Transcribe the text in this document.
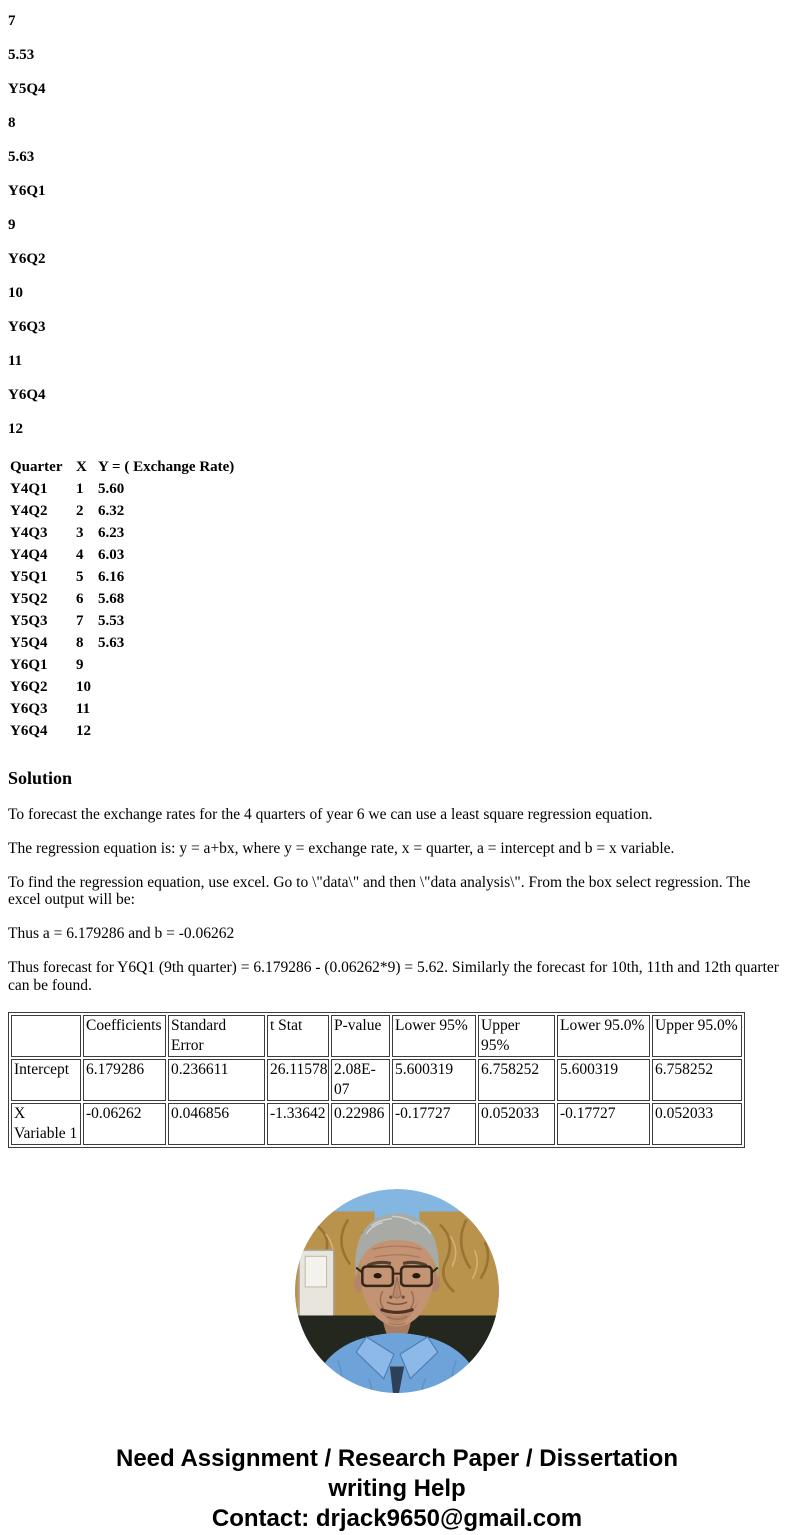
7

5.53

Y5Q4

8

5.63

Y6Q1

9

Y6Q2

10

Y6Q3

11

Y6Q4

12

Quarter	X	Y = ( Exchange Rate)
Y4Q1	1	5.60
Y4Q2	2	6.32
Y4Q3	3	6.23
Y4Q4	4	6.03
Y5Q1	5	6.16
Y5Q2	6	5.68
Y5Q3	7	5.53
Y5Q4	8	5.63
Y6Q1	9	
Y6Q2	10	
Y6Q3	11	
Y6Q4	12	
Solution

To forecast the exchange rates for the 4 quarters of year 6 we can use a least square regression equation.

The regression equation is: y = a+bx, where y = exchange rate, x = quarter, a = intercept and b = x variable.

To find the regression equation, use excel. Go to \"data\" and then \"data analysis\". From the box select regression. The excel output will be:

Thus a = 6.179286 and b = -0.06262

Thus forecast for Y6Q1 (9th quarter) = 6.179286 - (0.06262*9) = 5.62. Similarly the forecast for 10th, 11th and 12th quarter can be found.

	Coefficients	Standard Error	t Stat	P-value	Lower 95%	Upper 95%	Lower 95.0%	Upper 95.0%
Intercept	6.179286	0.236611	26.11578	2.08E-07	5.600319	6.758252	5.600319	6.758252
X Variable 1	-0.06262	0.046856	-1.33642	0.22986	-0.17727	0.052033	-0.17727	0.052033
Need Assignment / Research Paper / Dissertation
writing Help
Contact: drjack9650@gmail.com
